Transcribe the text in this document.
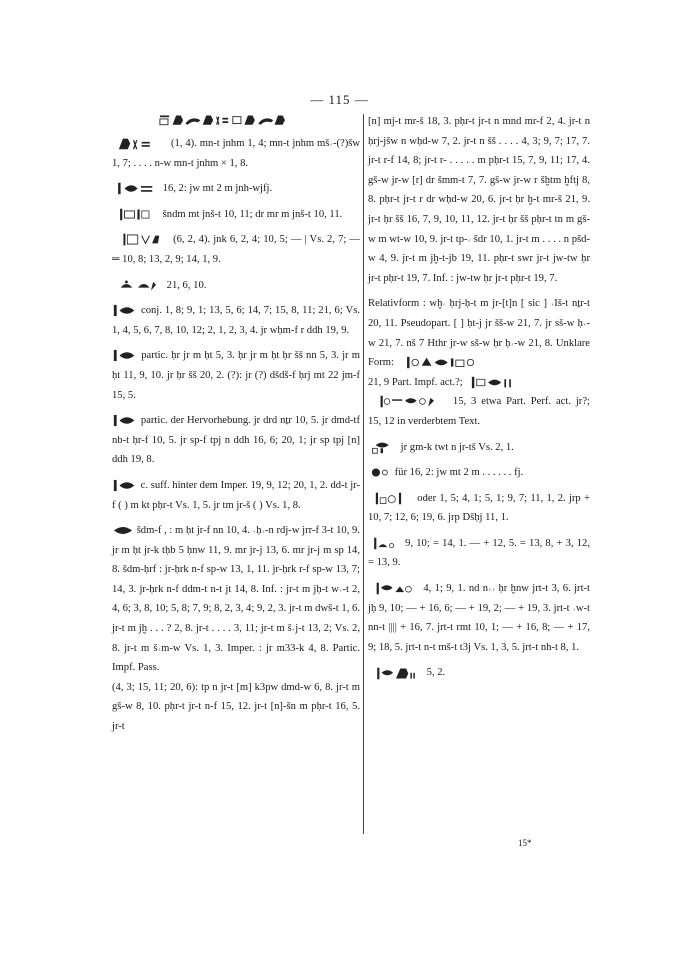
— 115 —

(1, 4). mn-t jnhm 1, 4; mn-t jnhm mš˓-(?)šw 1, 7; . . . . n-w mn-t jnhm × 1, 8.

16, 2: jw mt 2 m jnh-wjfj.

šndm mt jnš-t 10, 11; dr mr m jnš-t 10, 11.

(6, 2, 4). jnk 6, 2, 4; 10, 5; — | Vs. 2, 7; — ═ 10, 8; 13, 2, 9; 14, 1, 9.

21, 6, 10.

conj. 1, 8; 9, 1; 13, 5, 6; 14, 7; 15, 8, 11; 21, 6; Vs. 1, 4, 5, 6, 7, 8, 10, 12; 2, 1, 2, 3, 4. jr wḥm-f r ddh 19, 9.

partic. ḥr jr m ḥt 5, 3. ḥr jr m ḥt ḥr šš nn 5, 3. jr m ḥt 11, 9, 10. jr ḥr šš 20, 2. (?): jr (?) dšdš-f ḥrj mt 22 jm-f 15, 5.

partic. der Hervorhebung. jr drd nṯr 10, 5. jr dmd-tf nb-t ḥr-f 10, 5. jr sp-f tpj n ddh 16, 6; 20, 1; jr sp tpj [n] ddh 19, 8.

c. suff. hinter dem Imper. 19, 9, 12; 20, 1, 2. dd-t jr-f ( ) m kt pḥr-t Vs. 1, 5. jr tm jr-š ( ) Vs. 1, 8.

šdm-f , : m ḥt jr-f nn 10, 4. ˓ḥ˓-n rdj-w jrr-f 3-t 10, 9. jr m ḥt jr-k tḥb 5 ḥnw 11, 9. mr jr-j 13, 6. mr jr-j m sp 14, 8. šdm-ḥrf : jr-ḥrk n-f sp-w 13, 1, 11. jr-ḥrk r-f sp-w 13, 7; 14, 3. jr-ḥrk n-f ddm-t n-t jt 14, 8. Inf. : jr-t m jḥ-t w˓-t 2, 4, 6; 3, 8, 10; 5, 8; 7, 9; 8, 2, 3, 4; 9, 2, 3. jr-t m dwš-t 1, 6. jr-t m jḫ . . . ? 2, 8. jr-t . . . . 3, 11; jr-t m š˓j-t 13, 2; Vs. 2, 8. jr-t m š˓m-w Vs. 1, 3. Imper. : jr m33-k 4, 8. Partic. Impf. Pass.

(4, 3; 15, 11; 20, 6): tp n jr-t [m] k3pw dmd-w 6, 8. jr-t m gš-w 8, 10. pḥr-t jr-t n-f 15, 12. jr-t [n]-šn m pḥr-t 16, 5. jr-t

[n] mj-t mr-š 18, 3. pḥr-t jr-t n mnd mr-f 2, 4. jr-t n ḥrj-jšw n wḥd-w 7, 2. jr-t n šš . . . . 4, 3; 9, 7; 17, 7. jr-t r-f 14, 8; jr-t r- . . . . . m pḥr-t 15, 7, 9, 11; 17, 4. gš-w jr-w [r] dr šmm-t 7, 7. gš-w jr-w r šḫtm ḫftj 8, 8. pḥr-t jr-t r dr wḥd-w 20, 6. jr-t ḥr ḫ-t mr-š 21, 9. jr-t ḥr šš 16, 7, 9, 10, 11, 12. jr-t ḥr šš pḥr-t tn m gš-w m wt-w 10, 9. jr-t tp-˓ šdr 10, 1. jr-t m . . . . n pšd-w 4, 9. jr-t m jḫ-t-jb 19, 11. pḥr-t swr jr-t jw-tw ḥr jr-t pḥr-t 19, 7. Inf. : jw-tw ḥr jr-t pḥr-t 19, 7.

Relativform : wḫ˓ ḥrj-ḥ-t m jr-[t]n [ sic ] ˒Iš-t nṯr-t 20, 11. Pseudopart. [ ] ḥt-j jr šš-w 21, 7. jr sš-w ḥ˓-w 21, 7. nš 7 Hthr jr-w sš-w ḥr ḥ˓-w 21, 8. Unklare Form:

21, 9 Part. Impf. act.?;

15, 3 etwa Part. Perf. act. jr?; 15, 12 in verderbtem Text.

jr gm-k twt n jr-tš Vs. 2, 1.

für 16, 2: jw mt 2 m . . . . . . fj.

oder 1, 5; 4, 1; 5, 1; 9, 7; 11, 1, 2. jrp + 10, 7; 12, 6; 19, 6. jrp Dšḥj 11, 1.

9, 10; = 14, 1. — + 12, 5. = 13, 8, + 3, 12, = 13, 9.

4, 1; 9, 1. nd n˓˓ ḥr ḫnw jrt-t 3, 6. jrt-t jḥ 9, 10; — + 16, 6; — + 19, 2; — + 19, 3. jrt-t ˓w-t nn-t |||| + 16, 7. jrt-t rmt 10, 1; — + 16, 8; — + 17, 9; 18, 5. jrt-t n-t mš-t t3j Vs. 1, 3, 5. jrt-t nh-t 8, 1.

5, 2.

15*
